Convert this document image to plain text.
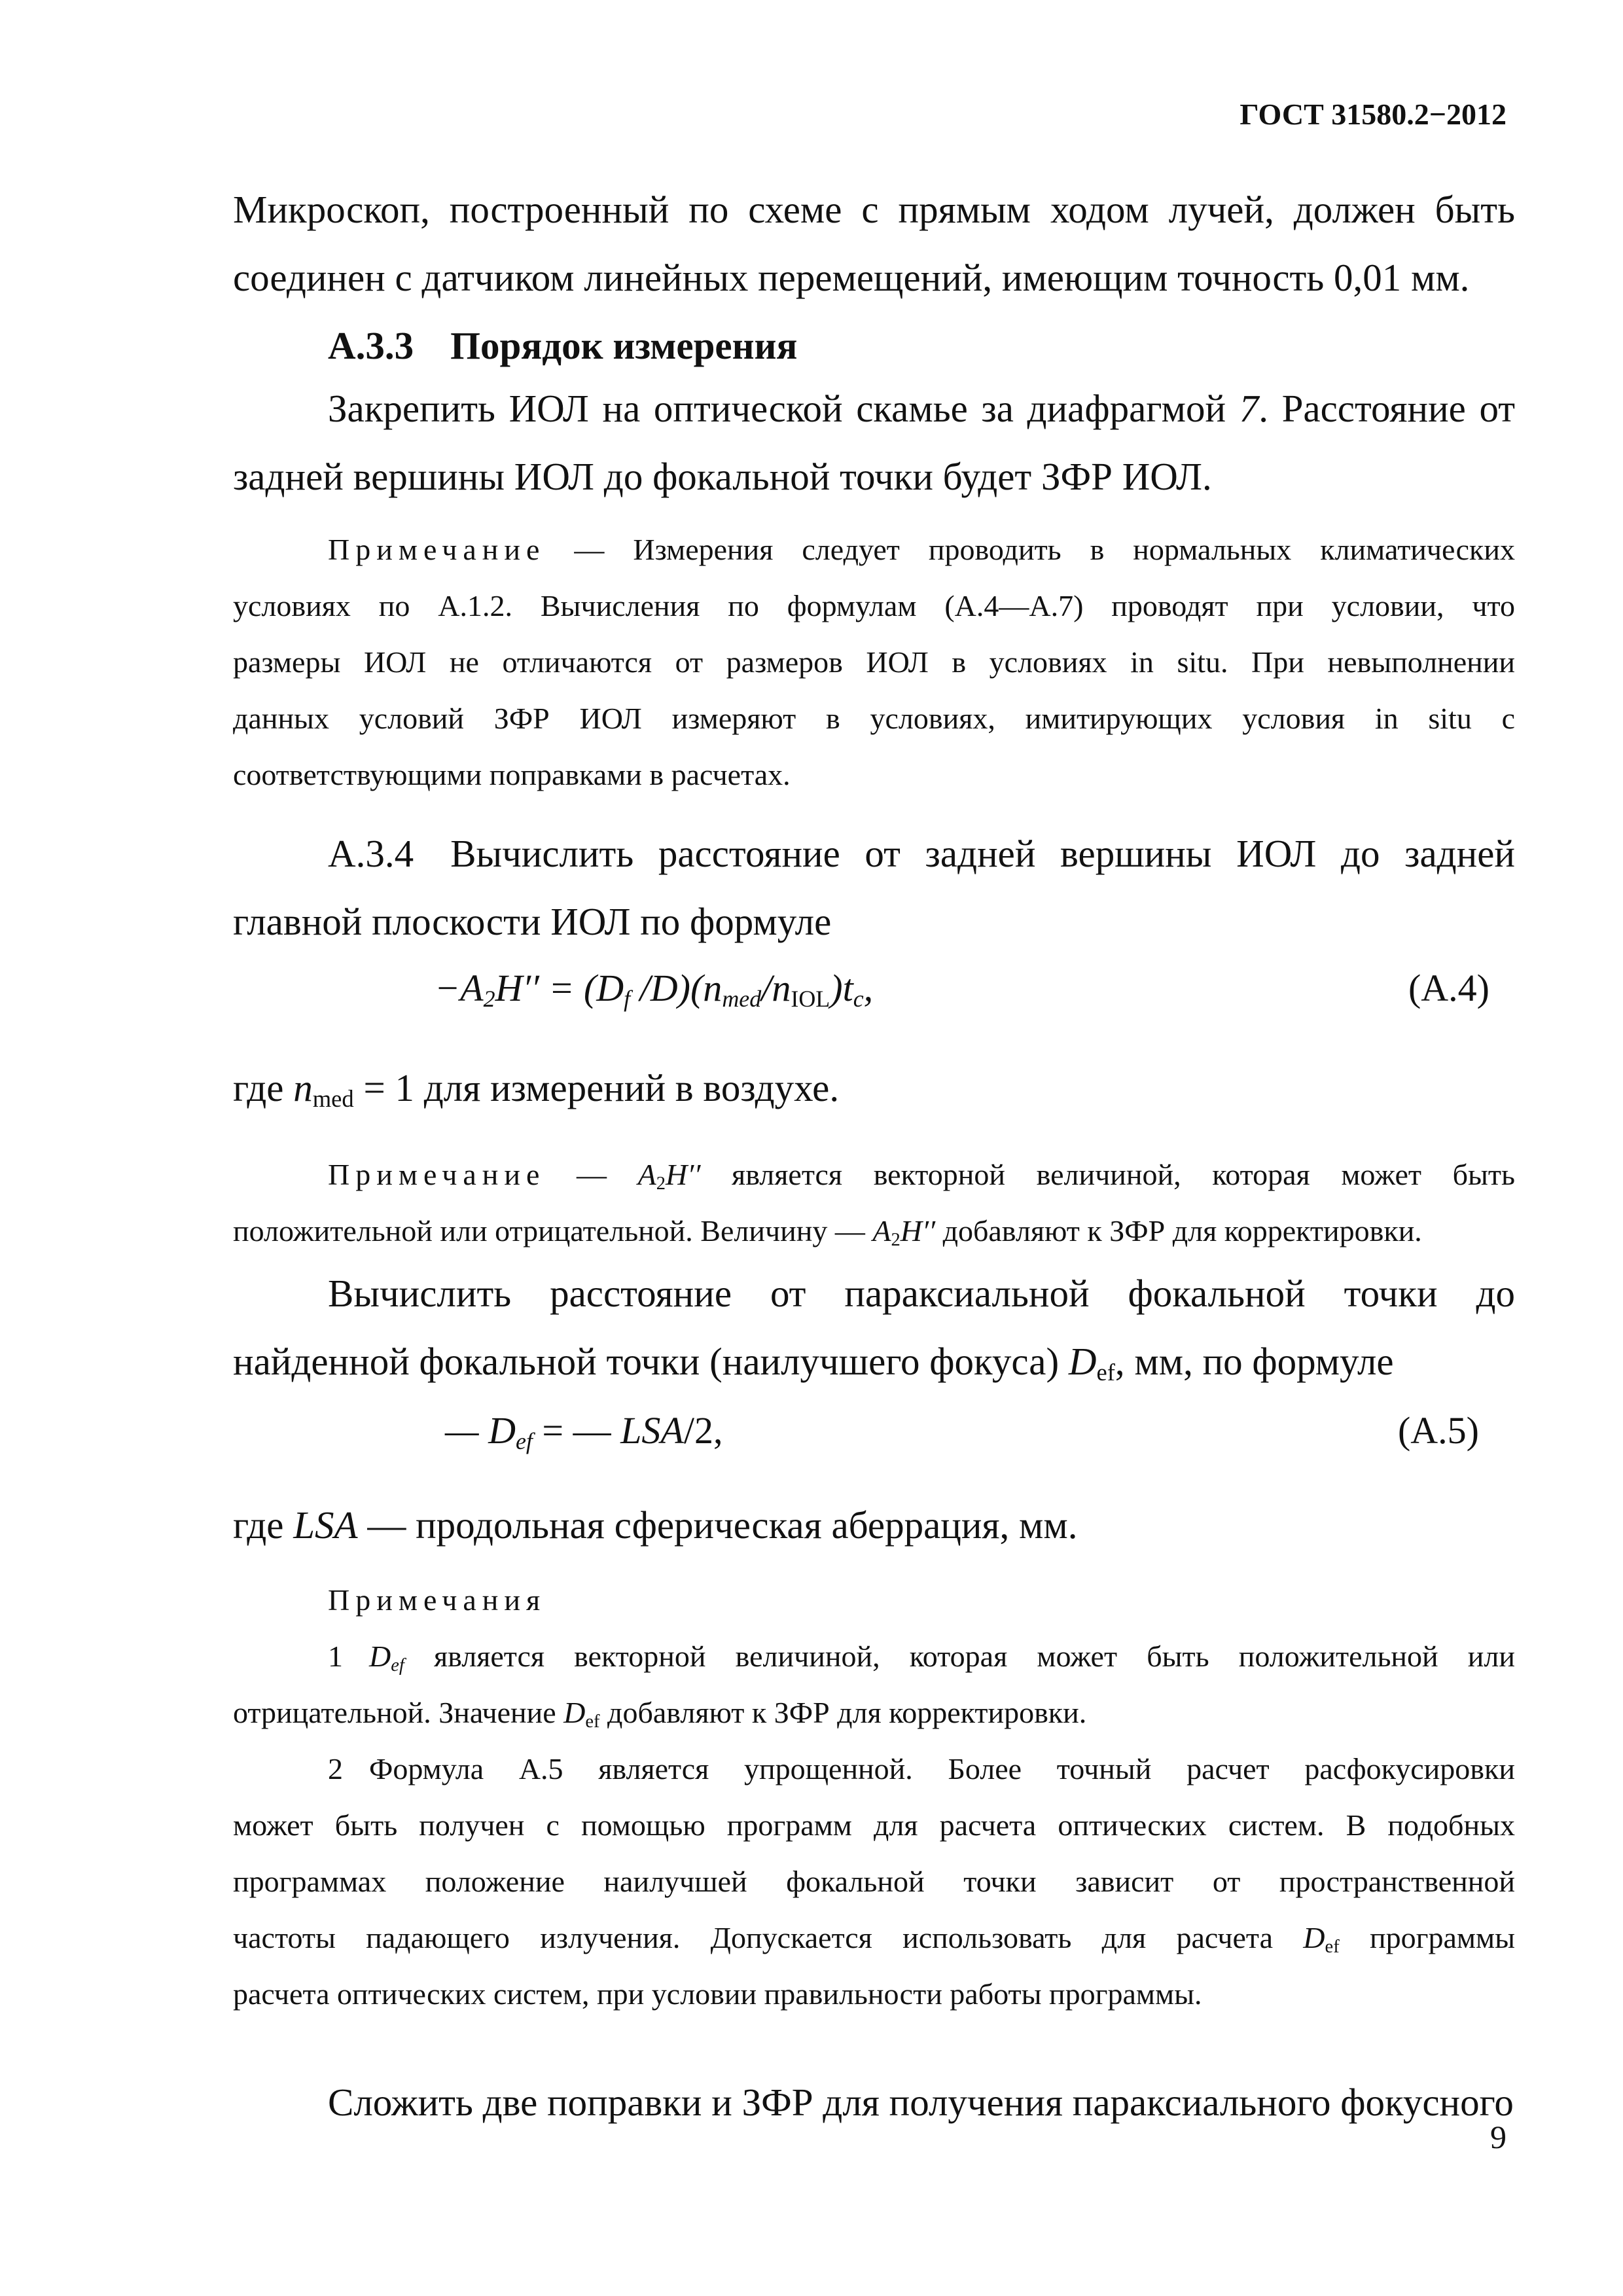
ГОСТ 31580.2−2012
Микроскоп, построенный по схеме с прямым ходом лучей, должен быть
соединен с датчиком линейных перемещений, имеющим точность 0,01 мм.
А.3.3 Порядок измерения
Закрепить ИОЛ на оптической скамье за диафрагмой 7. Расстояние от
задней вершины ИОЛ до фокальной точки будет ЗФР ИОЛ.
Примечание — Измерения следует проводить в нормальных климатических
условиях по А.1.2. Вычисления по формулам (А.4—А.7) проводят при условии, что
размеры ИОЛ не отличаются от размеров ИОЛ в условиях in situ. При невыполнении
данных условий ЗФР ИОЛ измеряют в условиях, имитирующих условия in situ с
соответствующими поправками в расчетах.
А.3.4 Вычислить расстояние от задней вершины ИОЛ до задней
главной плоскости ИОЛ по формуле
$-A_2H'' = (D_f$ $/D)(n_{med}/n_{IOL})t_c$,	(A.4)
где $n_{med} = 1$ для измерений в воздухе.
Примечание — $A_2H''$ является векторной величиной, которая может быть
положительной или отрицательной. Величину — $A_2H''$ добавляют к ЗФР для корректировки.
Вычислить расстояние от параксиальной фокальной точки до
найденной фокальной точки (наилучшего фокуса) $D_{ef}$, мм, по формуле
— $D_{ef}$ = — LSA/2,	(A.5)
где LSA — продольная сферическая аберрация, мм.
Примечания
1 $D_{ef}$ является векторной величиной, которая может быть положительной или
отрицательной. Значение $D_{ef}$ добавляют к ЗФР для корректировки.
2 Формула А.5 является упрощенной. Более точный расчет расфокусировки
может быть получен с помощью программ для расчета оптических систем. В подобных
программах положение наилучшей фокальной точки зависит от пространственной
частоты падающего излучения. Допускается использовать для расчета $D_{ef}$ программы
расчета оптических систем, при условии правильности работы программы.
Сложить две поправки и ЗФР для получения параксиального фокусного
9
